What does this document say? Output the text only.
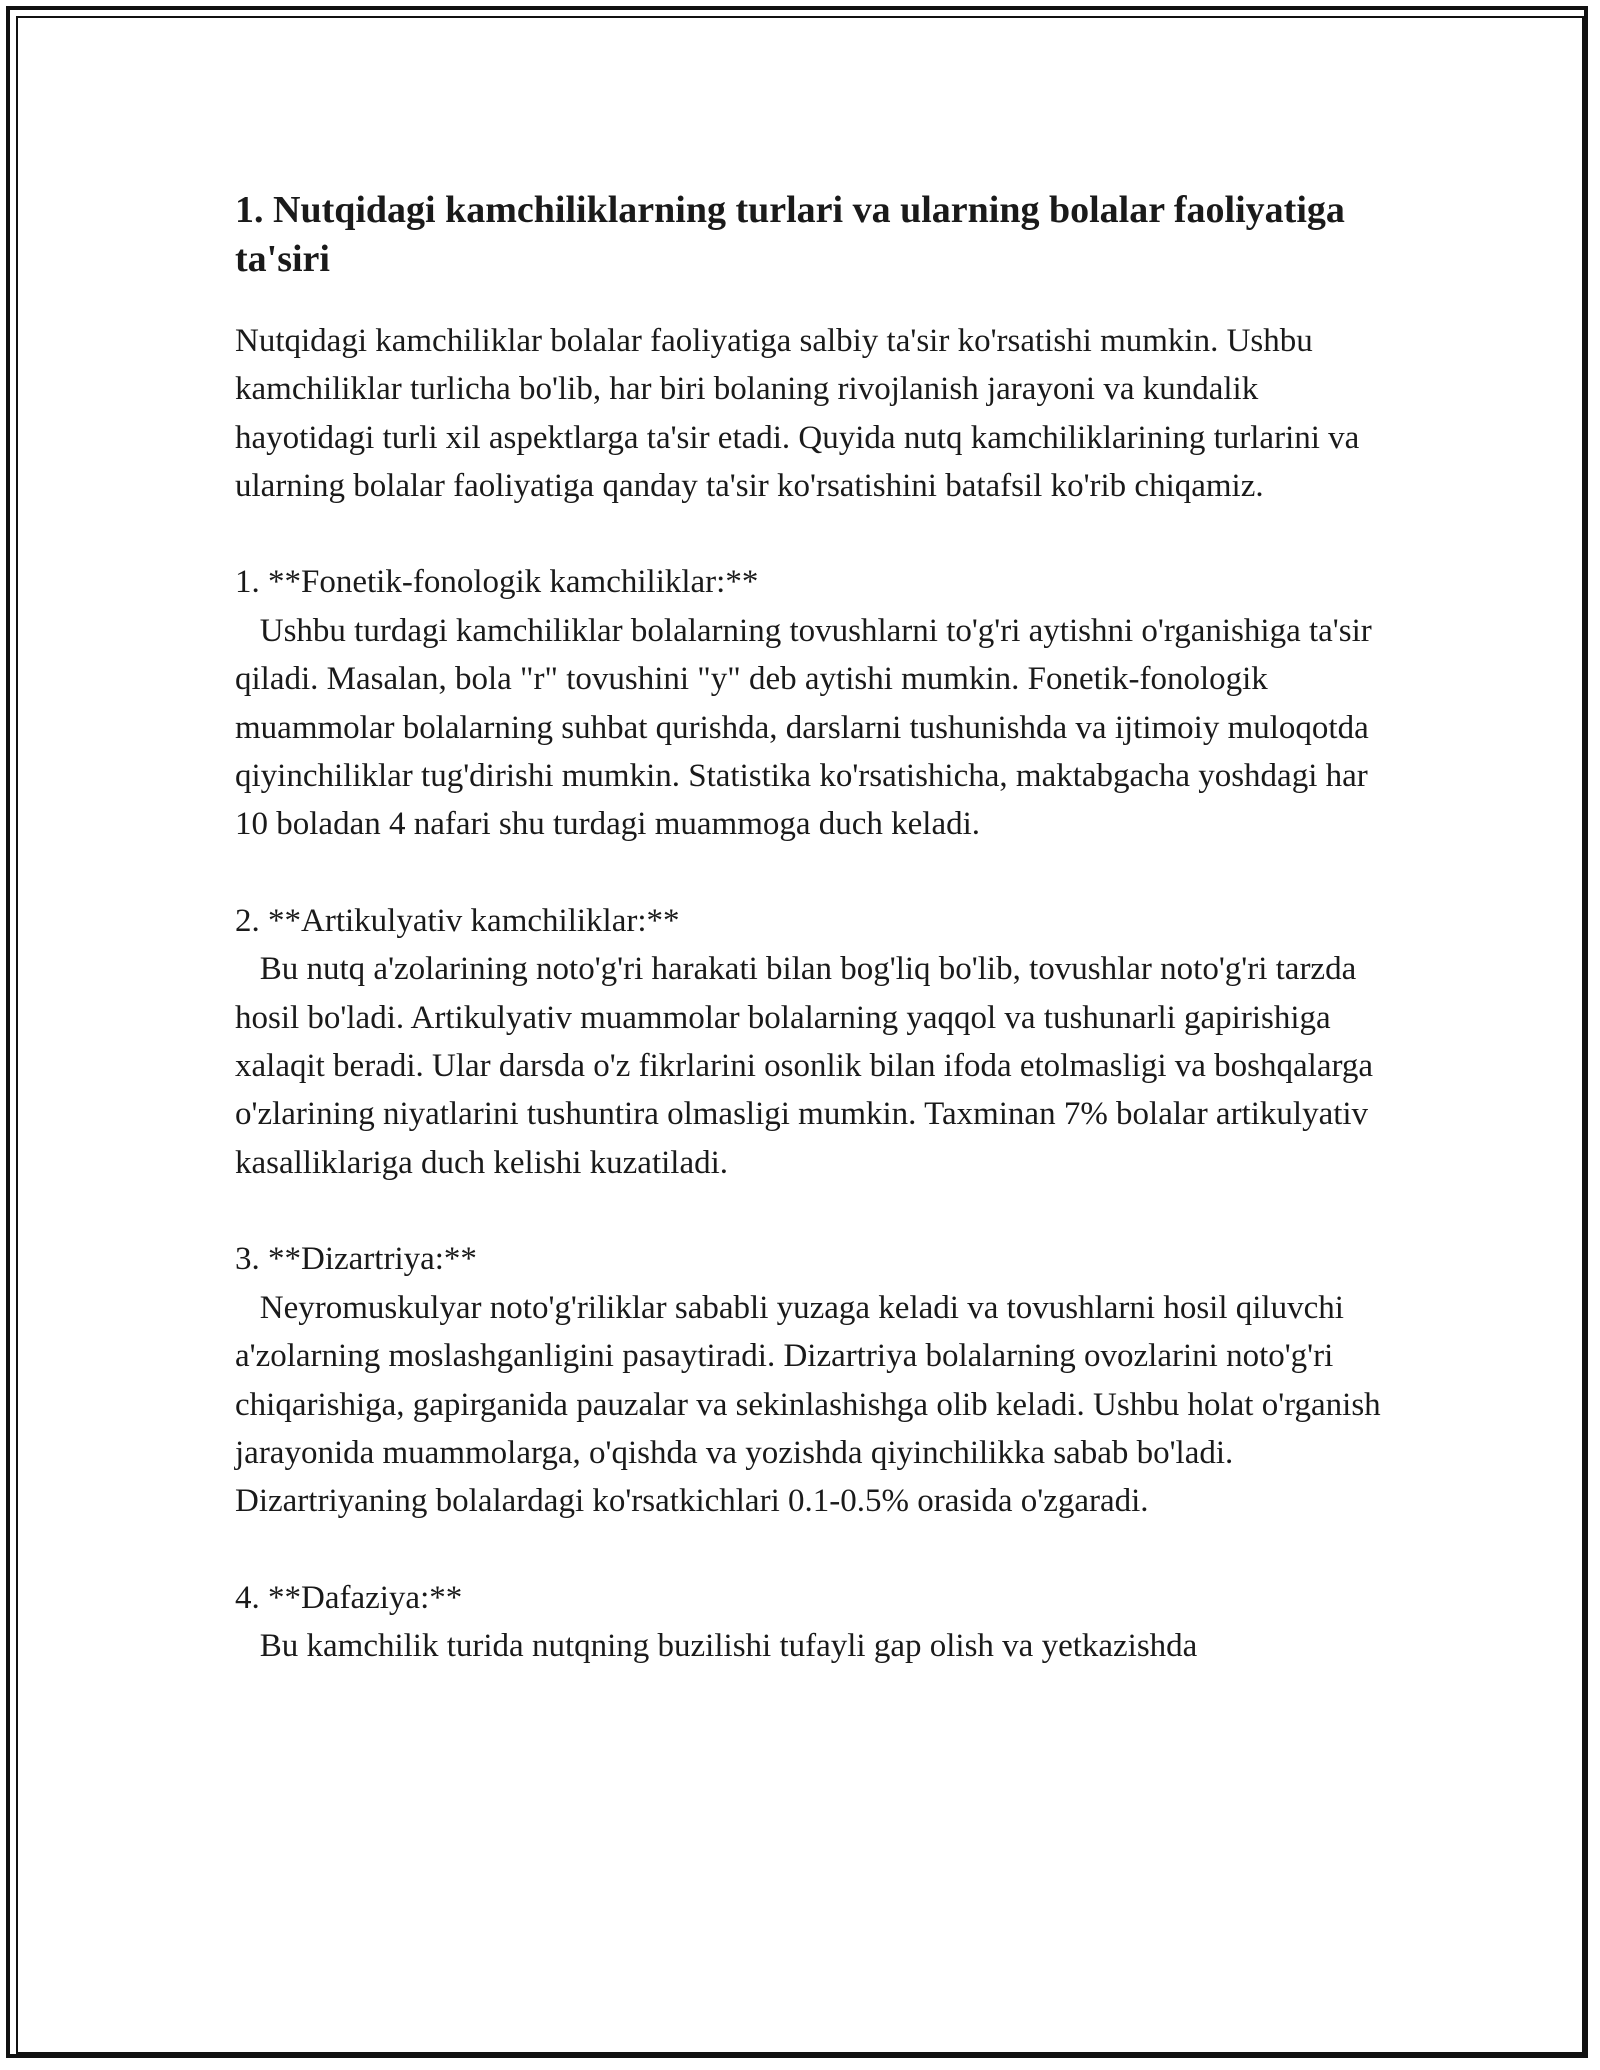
1. Nutqidagi kamchiliklarning turlari va ularning bolalar faoliyatiga ta'siri

Nutqidagi kamchiliklar bolalar faoliyatiga salbiy ta'sir ko'rsatishi mumkin. Ushbu kamchiliklar turlicha bo'lib, har biri bolaning rivojlanish jarayoni va kundalik hayotidagi turli xil aspektlarga ta'sir etadi. Quyida nutq kamchiliklarining turlarini va ularning bolalar faoliyatiga qanday ta'sir ko'rsatishini batafsil ko'rib chiqamiz.

1. **Fonetik-fonologik kamchiliklar:**

Ushbu turdagi kamchiliklar bolalarning tovushlarni to'g'ri aytishni o'rganishiga ta'sir qiladi. Masalan, bola "r" tovushini "y" deb aytishi mumkin. Fonetik-fonologik muammolar bolalarning suhbat qurishda, darslarni tushunishda va ijtimoiy muloqotda qiyinchiliklar tug'dirishi mumkin. Statistika ko'rsatishicha, maktabgacha yoshdagi har 10 boladan 4 nafari shu turdagi muammoga duch keladi.

2. **Artikulyativ kamchiliklar:**

Bu nutq a'zolarining noto'g'ri harakati bilan bog'liq bo'lib, tovushlar noto'g'ri tarzda hosil bo'ladi. Artikulyativ muammolar bolalarning yaqqol va tushunarli gapirishiga xalaqit beradi. Ular darsda o'z fikrlarini osonlik bilan ifoda etolmasligi va boshqalarga o'zlarining niyatlarini tushuntira olmasligi mumkin. Taxminan 7% bolalar artikulyativ kasalliklariga duch kelishi kuzatiladi.

3. **Dizartriya:**

Neyromuskulyar noto'g'riliklar sababli yuzaga keladi va tovushlarni hosil qiluvchi a'zolarning moslashganligini pasaytiradi. Dizartriya bolalarning ovozlarini noto'g'ri chiqarishiga, gapirganida pauzalar va sekinlashishga olib keladi. Ushbu holat o'rganish jarayonida muammolarga, o'qishda va yozishda qiyinchilikka sabab bo'ladi. Dizartriyaning bolalardagi ko'rsatkichlari 0.1-0.5% orasida o'zgaradi.

4. **Dafaziya:**

Bu kamchilik turida nutqning buzilishi tufayli gap olish va yetkazishda
